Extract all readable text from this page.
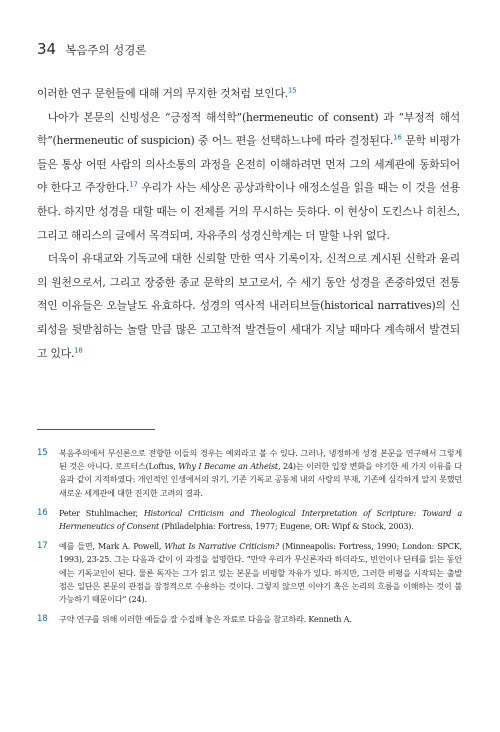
34 복음주의 성경론

이러한 연구 문헌들에 대해 거의 무지한 것처럼 보인다.$^{15}$

나아가 본문의 신빙성은 “긍정적 해석학”(hermeneutic of consent) 과 “부정적 해석학”(hermeneutic of suspicion) 중 어느 편을 선택하느냐에 따라 결정된다.$^{16}$ 문학 비평가들은 통상 어떤 사람의 의사소통의 과정을 온전히 이해하려면 먼저 그의 세계관에 동화되어야 한다고 주장한다.$^{17}$ 우리가 사는 세상은 공상과학이나 애정소설을 읽을 때는 이 것을 선용한다. 하지만 성경을 대할 때는 이 전제를 거의 무시하는 듯하다. 이 현상이 도킨스나 히친스, 그리고 해리스의 글에서 목격되며, 자유주의 성경신학계는 더 말할 나위 없다.

더욱이 유대교와 기독교에 대한 신뢰할 만한 역사 기록이자, 신적으로 계시된 신학과 윤리의 원천으로서, 그리고 장중한 종교 문학의 보고로서, 수 세기 동안 성경을 존중하였던 전통적인 이유들은 오늘날도 유효하다. 성경의 역사적 내러티브들(historical narratives)의 신뢰성을 뒷받침하는 놀랄 만큼 많은 고고학적 발견들이 세대가 지날 때마다 계속해서 발견되고 있다.$^{18}$

15	복음주의에서 무신론으로 전향한 이들의 경우는 예외라고 볼 수 있다. 그러나, 냉정하게 성경 본문을 연구해서 그렇게 된 것은 아니다. 로프터스(Loftus, Why I Became an Atheist, 24)는 이러한 입장 변화을 야기한 세 가지 이유를 다음과 같이 지적하였다: 개인적인 인생에서의 위기, 기존 기독교 공동체 내의 사랑의 부재, 기존에 심각하게 알지 못했던 새로운 세계관에 대한 진지한 고려의 결과.
16	Peter Stuhlmacher, Historical Criticism and Theological Interpretation of Scripture: Toward a Hermeneutics of Consent (Philadelphia: Fortress, 1977; Eugene, OR: Wipf & Stock, 2003).
17	예를 들면, Mark A. Powell, What Is Narrative Criticism? (Minneapolis: Fortress, 1990; London: SPCK, 1993), 23-25. 그는 다음과 같이 이 과정을 설명한다. “만약 우리가 무신론자라 하더라도, 빈언이나 단테를 읽는 동안에는 기독교인이 된다. 물론 독자는 그가 읽고 있는 본문을 비평할 자유가 있다. 하지만, 그러한 비평을 시작되는 출발점은 일단은 본문의 관점을 잠정적으로 수용하는 것이다. 그렇지 않으면 이야기 혹은 논리의 흐름을 이해하는 것이 불가능하기 때문이다” (24).
18	구약 연구를 위해 이러한 예들을 잘 수집해 놓은 자료로 다음을 참고하라. Kenneth A.
